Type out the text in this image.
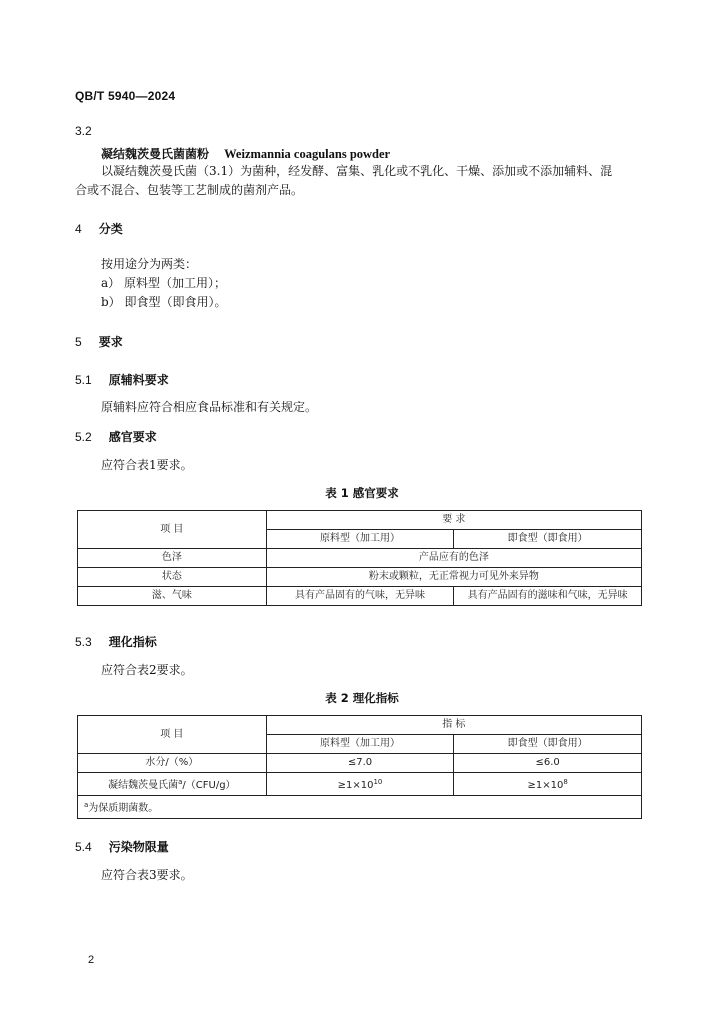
QB/T 5940—2024
3.2
凝结魏茨曼氏菌菌粉 Weizmannia coagulans powder
以凝结魏茨曼氏菌（3.1）为菌种，经发酵、富集、乳化或不乳化、干燥、添加或不添加辅料、混
合或不混合、包装等工艺制成的菌剂产品。
4 分类
按用途分为两类：
a） 原料型（加工用）；
b） 即食型（即食用）。
5 要求
5.1 原辅料要求
原辅料应符合相应食品标准和有关规定。
5.2 感官要求
应符合表1要求。
表 1 感官要求
项 目	要 求	
	原料型（加工用）	即食型（即食用）
色泽	产品应有的色泽	
状态	粉末或颗粒，无正常视力可见外来异物	
滋、气味	具有产品固有的气味，无异味	具有产品固有的滋味和气味，无异味
5.3 理化指标
应符合表2要求。
表 2 理化指标
项 目	指 标	
	原料型（加工用）	即食型（即食用）
水分/（%）	≤7.0	≤6.0
凝结魏茨曼氏菌$^a$/（CFU/g）	$\ge 1\times 10^{10}$	$\ge 1\times 10^8$
$^a$为保质期菌数。		
5.4 污染物限量
应符合表3要求。
2
